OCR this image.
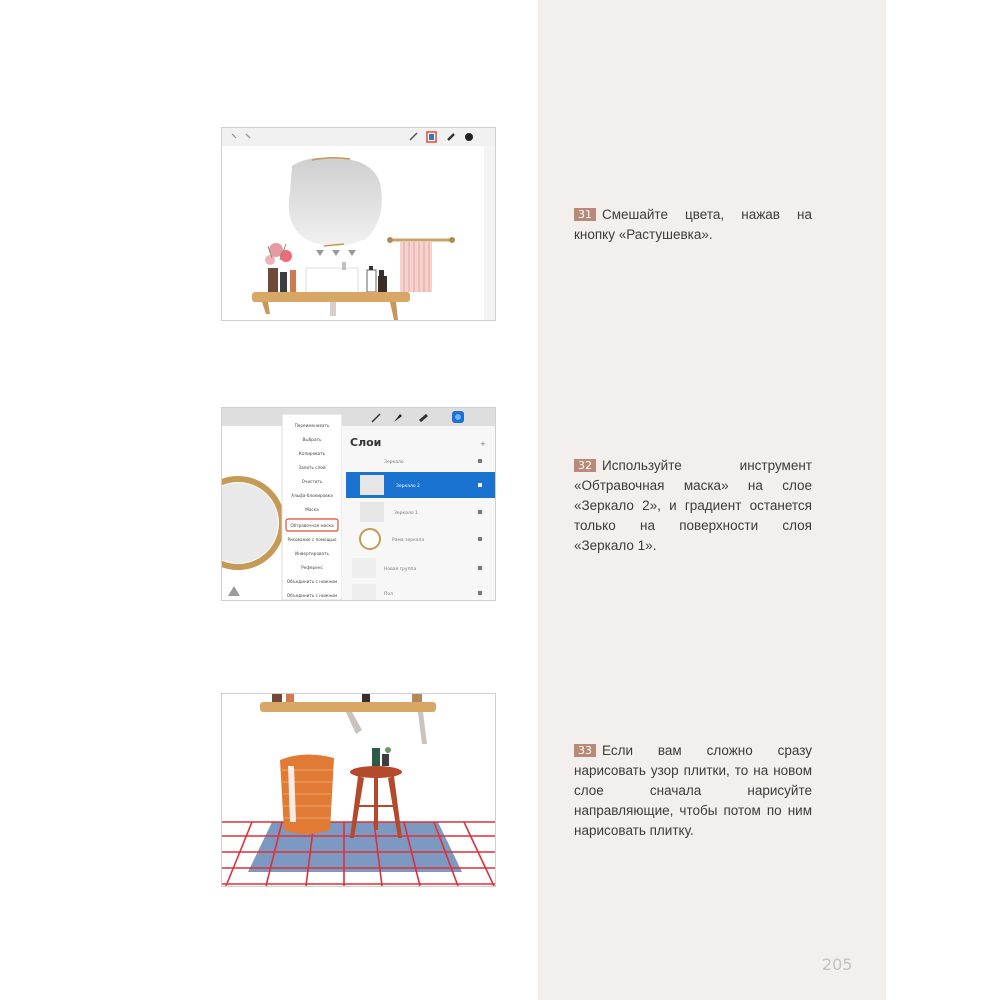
Переименовать
Выбрать
Копировать
Залить слой
Очистить
Альфа-блокировка
Маска
Обтравочная маска
Рисование с помощью
Инвертировать
Референс
Объединить с нижним
Объединить с нижним
Слои	+
Зеркало
Зеркало 2
Зеркало 1
Рама зеркала
Новая группа
Пол
31 Смешайте цвета, нажав на кнопку «Растушевка».
32 Используйте инструмент «Обтравочная маска» на слое «Зеркало 2», и градиент останется только на поверхности слоя «Зеркало 1».
33 Если вам сложно сразу нарисовать узор плитки, то на новом слое сначала нарисуйте направляющие, чтобы потом по ним нарисовать плитку.
205
